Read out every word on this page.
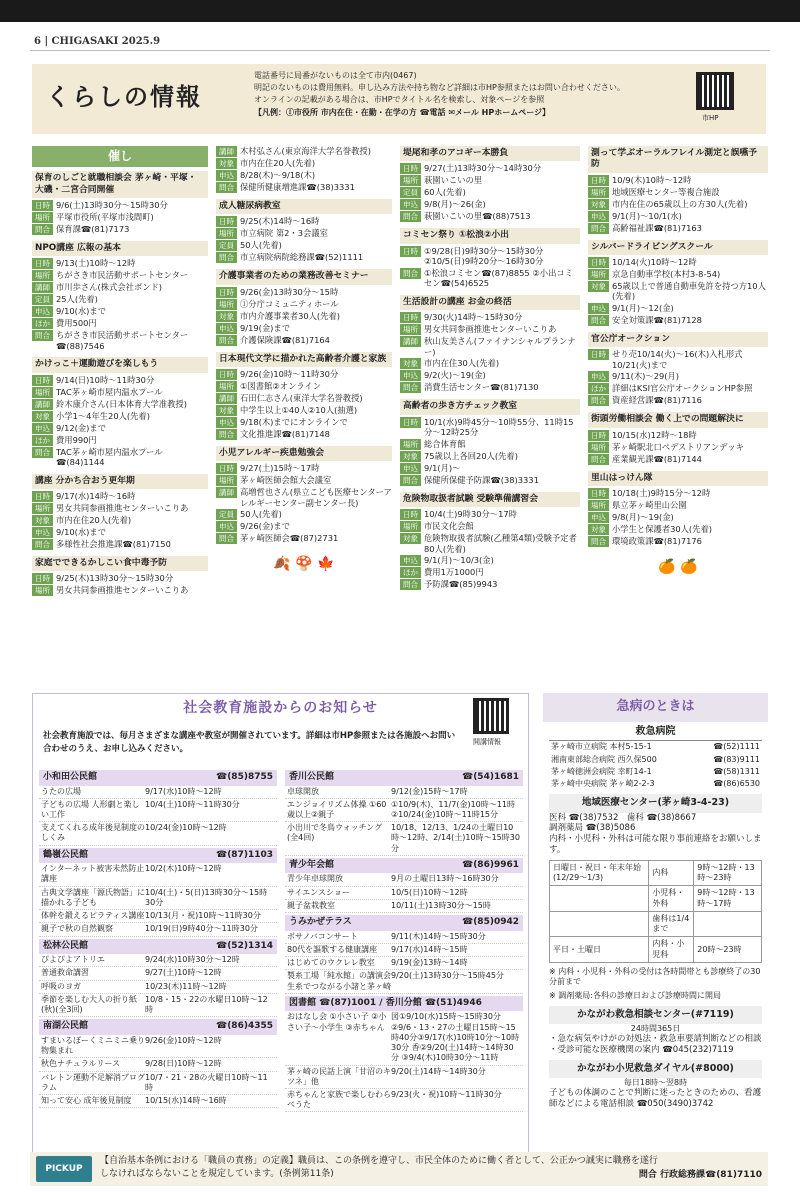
6 | CHIGASAKI 2025.9
くらしの情報
電話番号に局番がないものは全て市内(0467)
明記のないものは費用無料。申し込み方法や持ち物など詳細は市HP参照またはお問い合わせください。
オンラインの記載がある場合は、市HPでタイトル名を検索し、対象ページを参照
【凡例：Ⓘ市役所 市内在住・在勤・在学の方 ☎電話 ✉メール HPホームページ】
市HP
催し
保育のしごと就職相談会 茅ヶ崎・平塚・大磯・二宮合同開催
日時 9/6(土)13時30分～15時30分
場所 平塚市役所(平塚市浅間町)
問合 保育課☎(81)7173
NPO講座 広報の基本
日時 9/13(土)10時～12時
場所 ちがさき市民活動サポートセンター
講師 市川歩さん(株式会社ボンド)
定員 25人(先着)
申込 9/10(水)まで
ほか 費用500円
問合 ちがさき市民活動サポートセンター ☎(88)7546
かけっこ＋運動遊びを楽しもう
日時 9/14(日)10時～11時30分
場所 TAC茅ヶ崎市屋内温水プール
講師 鈴木康介さん(日本体育大学准教授)
対象 小学1～4年生20人(先着)
申込 9/12(金)まで
ほか 費用990円
問合 TAC茅ヶ崎市屋内温水プール ☎(84)1144
講座 分かち合おう更年期
日時 9/17(水)14時～16時
場所 男女共同参画推進センターいこりあ
対象 市内在住20人(先着)
申込 9/10(水)まで
問合 多様性社会推進課☎(81)7150
家庭でできるかしこい食中毒予防
日時 9/25(木)13時30分～15時30分
場所 男女共同参画推進センターいこりあ
講師 木村弘さん(東京海洋大学名誉教授)
対象 市内在住20人(先着)
申込 8/28(木)～9/18(木)
問合 保健所健康増進課☎(38)3331
成人糖尿病教室
日時 9/25(木)14時～16時
場所 市立病院 第2・3会議室
定員 50人(先着)
問合 市立病院病院総務課☎(52)1111
介護事業者のための業務改善セミナー
日時 9/26(金)13時30分～15時
場所 Ⓘ分庁コミュニティホール
対象 市内介護事業者30人(先着)
申込 9/19(金)まで
問合 介護保険課☎(81)7164
日本現代文学に描かれた高齢者介護と家族
日時 9/26(金)10時～11時30分
場所 ①図書館②オンライン
講師 石田仁志さん(東洋大学名誉教授)
対象 中学生以上①40人②10人(抽選)
申込 9/18(木)までにオンラインで
問合 文化推進課☎(81)7148
小児アレルギー疾患勉強会
日時 9/27(土)15時～17時
場所 茅ヶ崎医師会館大会議室
講師 高増哲也さん(県立こども医療センターアレルギーセンター副センター長)
定員 50人(先着)
申込 9/26(金)まで
問合 茅ヶ崎医師会☎(87)2731
🍂 🍄 🍁
堤尾和孝のアコギー本勝負
日時 9/27(土)13時30分～14時30分
場所 萩園いこいの里
定員 60人(先着)
申込 9/8(月)～26(金)
問合 萩園いこいの里☎(88)7513
コミセン祭り ①松浪②小出
日時 ①9/28(日)9時30分～15時30分 ②10/5(日)9時20分～16時30分
問合 ①松浪コミセン☎(87)8855 ②小出コミセン☎(54)6525
生活設計の講座 お金の終活
日時 9/30(火)14時～15時30分
場所 男女共同参画推進センターいこりあ
講師 秋山友美さん(ファイナンシャルプランナー)
対象 市内在住30人(先着)
申込 9/2(火)～19(金)
問合 消費生活センター☎(81)7130
高齢者の歩き方チェック教室
日時 10/1(水)9時45分～10時55分、11時15分～12時25分
場所 総合体育館
対象 75歳以上各回20人(先着)
申込 9/1(月)～
問合 保健所保健予防課☎(38)3331
危険物取扱者試験 受験準備講習会
日時 10/4(土)9時30分～17時
場所 市民文化会館
対象 危険物取扱者試験(乙種第4類)受験予定者80人(先着)
申込 9/1(月)～10/3(金)
ほか 費用1万1000円
問合 予防課☎(85)9943
測って学ぶオーラルフレイル測定と誤嚥予防
日時 10/9(木)10時～12時
場所 地域医療センター等複合施設
対象 市内在住の65歳以上の方30人(先着)
申込 9/1(月)～10/1(水)
問合 高齢福祉課☎(81)7163
シルバードライビングスクール
日時 10/14(火)10時～12時
場所 京急自動車学校(本村3-8-54)
対象 65歳以上で普通自動車免許を持つ方10人(先着)
申込 9/1(月)～12(金)
問合 安全対策課☎(81)7128
官公庁オークション
日時 せり売10/14(火)～16(木)入札形式10/21(火)まで
申込 9/11(木)～29(月)
ほか 詳細はKSI官公庁オークションHP参照
問合 資産経営課☎(81)7116
街頭労働相談会 働く上での問題解決に
日時 10/15(水)12時～18時
場所 茅ヶ崎駅北口ペデストリアンデッキ
問合 産業観光課☎(81)7144
里山はっけん隊
日時 10/18(土)9時15分～12時
場所 県立茅ヶ崎里山公園
申込 9/8(月)～19(金)
対象 小学生と保護者30人(先着)
問合 環境政策課☎(81)7176
🍊 🍊
社会教育施設からのお知らせ
開講情報
社会教育施設では、毎月さまざまな講座や教室が開催されています。詳細は市HP参照または各施設へお問い合わせのうえ、お申し込みください。
小和田公民館	☎(85)8755
うたの広場	9/17(水)10時～12時
子どもの広場 人形劇と楽しい工作
10/4(土)10時～11時30分
支えてくれる成年後見制度のしくみ
10/24(金)10時～12時
鶴嶺公民館	☎(87)1103
インターネット被害未然防止講座
10/2(木)10時～12時
古典文学講座「源氏物語」に描かれる子ども
10/4(土)・5(日)13時30分～15時30分
体幹を鍛えるピラティス講座 10/13(月・祝)10時～11時30分
親子で秋の自然観察	10/19(日)9時40分～11時30分
松林公民館	☎(52)1314
ぴよぴよアトリエ	9/24(水)10時30分～12時
普通救命講習	9/27(土)10時～12時
呼吸のヨガ	10/23(木)11時～12時
季節を楽しむ大人の折り紙(秋)(全3回)
10/8・15・22の水曜日10時～12時
南湖公民館	☎(86)4355
すまいるぽーくミニミニ乗り物集まれ
9/26(金)10時～12時
秋色ナチュラルリース	9/28(日)10時～12時
バレトン運動不足解消プログラム
10/7・21・28の火曜日10時～11時
知って安心 成年後見制度	10/15(水)14時～16時
香川公民館	☎(54)1681
卓球開放	9/12(金)15時～17時
エンジョイリズム体操 ①60歳以上②親子
①10/9(木)、11/7(金)10時～11時 ②10/24(金)10時～11時15分
小出川で冬鳥ウォッチング(全4回)
10/18、12/13、1/24の土曜日10時～12時、2/14(土)10時～15時30分
青少年会館	☎(86)9961
青少年卓球開放	9月の土曜日13時～16時30分
サイエンスショー	10/5(日)10時～12時
親子盆栽教室	10/11(土)13時30分～15時
うみかぜテラス	☎(85)0942
ボサノバコンサート	9/11(木)14時～15時30分
80代を謳歌する健康講座	9/17(水)14時～15時
はじめてのウクレレ教室	9/19(金)13時～14時
製糸工場「純水館」の講演会 生糸でつながる小諸と茅ヶ崎
9/20(土)13時30分～15時45分
図書館 ☎(87)1001 / 香川分館 ☎(51)4946
おはなし会 ①小さい子 ②小さい子～小学生 ③赤ちゃん
図①9/10(水)15時～15時30分 ②9/6・13・27の土曜日15時～15時40分③9/17(水)10時10分～10時30分 香②9/20(土)14時～14時30分 ③9/4(木)10時30分～11時
茅ヶ崎の民話上演「甘沼のキツネ」他
9/20(土)14時～14時30分
赤ちゃんと家族で楽しむわらべうた
9/23(火・祝)10時～11時30分
急病のときは
救急病院
茅ヶ崎市立病院 本村5-15-1	☎(52)1111
湘南東部総合病院 西久保500	☎(83)9111
茅ヶ崎徳洲会病院 幸町14-1	☎(58)1311
茅ヶ崎中央病院 茅ヶ崎2-2-3	☎(86)6530
地域医療センター(茅ヶ崎3-4-23)
医科 ☎(38)7532　歯科 ☎(38)8667
調剤薬局 ☎(38)5086
内科・小児科・外科は可能な限り事前連絡をお願いします。
日曜日・祝日・年末年始(12/29～1/3)	内科	9時～12時・13時～23時
	小児科・外科	9時～12時・13時～17時
	歯科は1/4まで	
平日・土曜日	内科・小児科	20時～23時
※ 内科・小児科・外科の受付は各時間帯とも診療終了の30分前まで
※ 調剤薬局:各科の診療日および診療時間に開局
かながわ救急相談センター(#7119)
24時間365日
・急な病気やけがの対処法・救急車要請判断などの相談
・受診可能な医療機関の案内 ☎045(232)7119
かながわ小児救急ダイヤル(#8000)
毎日18時～翌8時
子どもの体調のことで判断に迷ったときのための、看護師などによる電話相談 ☎050(3490)3742
PICKUP
【自治基本条例における「職員の責務」の定義】職員は、この条例を遵守し、市民全体のために働く者として、公正かつ誠実に職務を遂行しなければならないことを規定しています。(条例第11条)	問合 行政総務課☎(81)7110
